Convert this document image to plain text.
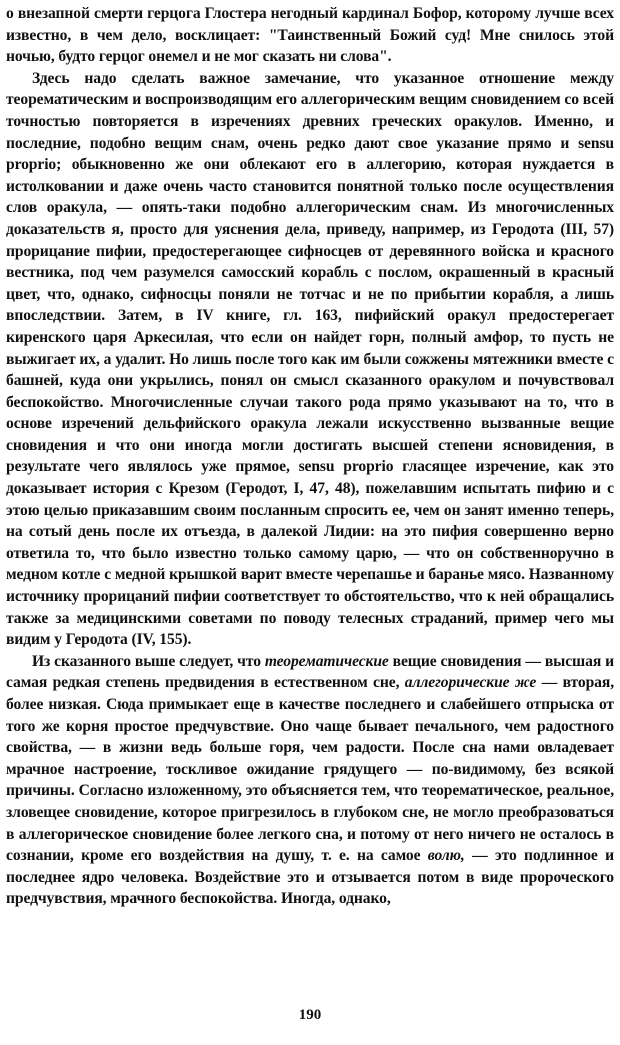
о внезапной смерти герцога Глостера негодный кардинал Бофор, которому лучше всех известно, в чем дело, восклицает: "Таинственный Божий суд! Мне снилось этой ночью, будто герцог онемел и не мог сказать ни слова".

Здесь надо сделать важное замечание, что указанное отношение между теорематическим и воспроизводящим его аллегорическим вещим сновидением со всей точностью повторяется в изречениях древних греческих оракулов. Именно, и последние, подобно вещим снам, очень редко дают свое указание прямо и sensu proprio; обыкновенно же они облекают его в аллегорию, которая нуждается в истолковании и даже очень часто становится понятной только после осуществления слов оракула, — опять-таки подобно аллегорическим снам. Из многочисленных доказательств я, просто для уяснения дела, приведу, например, из Геродота (III, 57) прорицание пифии, предостерегающее сифносцев от деревянного войска и красного вестника, под чем разумелся самосский корабль с послом, окрашенный в красный цвет, что, однако, сифносцы поняли не тотчас и не по прибытии корабля, а лишь впоследствии. Затем, в IV книге, гл. 163, пифийский оракул предостерегает киренского царя Аркесилая, что если он найдет горн, полный амфор, то пусть не выжигает их, а удалит. Но лишь после того как им были сожжены мятежники вместе с башней, куда они укрылись, понял он смысл сказанного оракулом и почувствовал беспокойство. Многочисленные случаи такого рода прямо указывают на то, что в основе изречений дельфийского оракула лежали искусственно вызванные вещие сновидения и что они иногда могли достигать высшей степени ясновидения, в результате чего являлось уже прямое, sensu proprio гласящее изречение, как это доказывает история с Крезом (Геродот, I, 47, 48), пожелавшим испытать пифию и с этою целью приказавшим своим посланным спросить ее, чем он занят именно теперь, на сотый день после их отъезда, в далекой Лидии: на это пифия совершенно верно ответила то, что было известно только самому царю, — что он собственноручно в медном котле с медной крышкой варит вместе черепашье и баранье мясо. Названному источнику прорицаний пифии соответствует то обстоятельство, что к ней обращались также за медицинскими советами по поводу телесных страданий, пример чего мы видим у Геродота (IV, 155).

Из сказанного выше следует, что теорематические вещие сновидения — высшая и самая редкая степень предвидения в естественном сне, аллегорические же — вторая, более низкая. Сюда примыкает еще в качестве последнего и слабейшего отпрыска от того же корня простое предчувствие. Оно чаще бывает печального, чем радостного свойства, — в жизни ведь больше горя, чем радости. После сна нами овладевает мрачное настроение, тоскливое ожидание грядущего — по-видимому, без всякой причины. Согласно изложенному, это объясняется тем, что теорематическое, реальное, зловещее сновидение, которое пригрезилось в глубоком сне, не могло преобразоваться в аллегорическое сновидение более легкого сна, и потому от него ничего не осталось в сознании, кроме его воздействия на душу, т. е. на самое волю, — это подлинное и последнее ядро человека. Воздействие это и отзывается потом в виде пророческого предчувствия, мрачного беспокойства. Иногда, однако,

190
